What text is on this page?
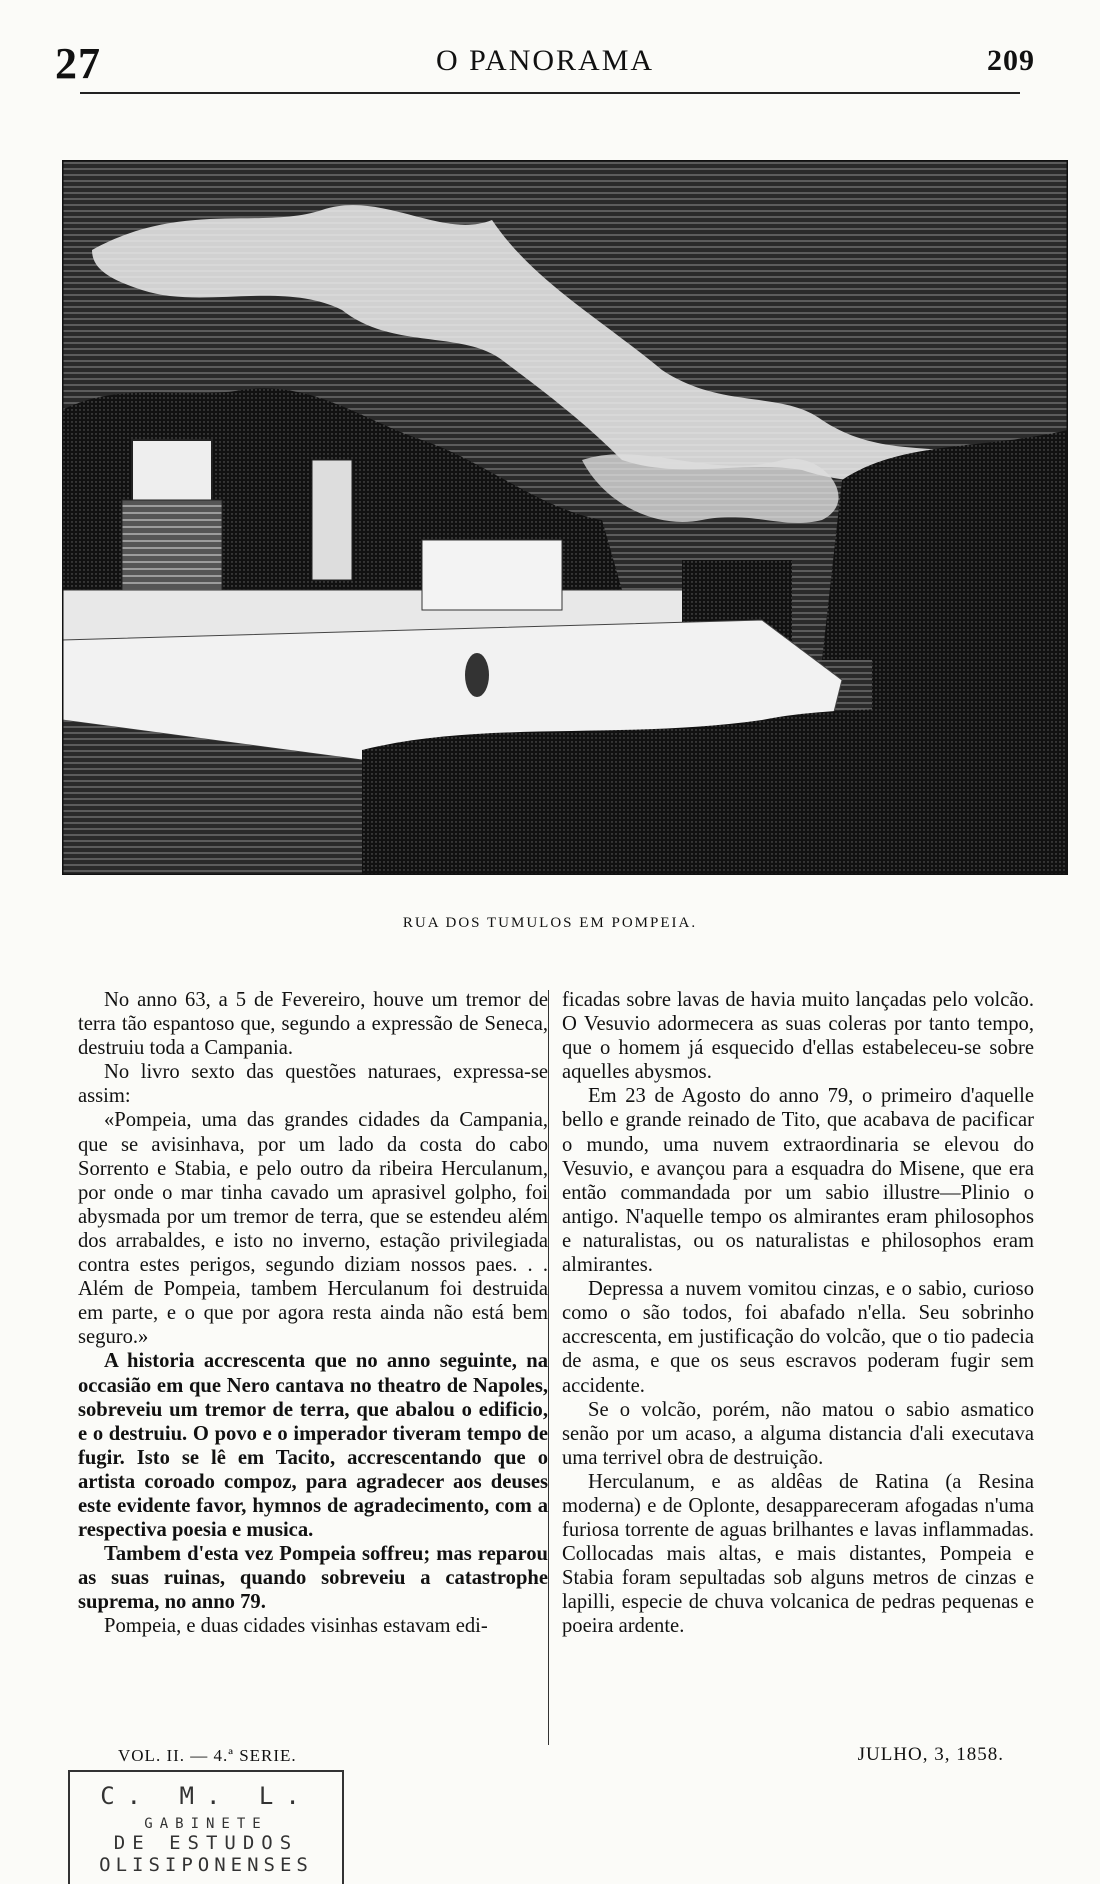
27	O PANORAMA	209
RUA DOS TUMULOS EM POMPEIA.

No anno 63, a 5 de Fevereiro, houve um tremor de terra tão espantoso que, segundo a expressão de Seneca, destruiu toda a Campania.

No livro sexto das questões naturaes, expressa-se assim:

«Pompeia, uma das grandes cidades da Campania, que se avisinhava, por um lado da costa do cabo Sorrento e Stabia, e pelo outro da ribeira Herculanum, por onde o mar tinha cavado um aprasivel golpho, foi abysmada por um tremor de terra, que se estendeu além dos arrabaldes, e isto no inverno, estação privilegiada contra estes perigos, segundo diziam nossos paes. . . Além de Pompeia, tambem Herculanum foi destruida em parte, e o que por agora resta ainda não está bem seguro.»

A historia accrescenta que no anno seguinte, na occasião em que Nero cantava no theatro de Napoles, sobreveiu um tremor de terra, que abalou o edificio, e o destruiu. O povo e o imperador tiveram tempo de fugir. Isto se lê em Tacito, accrescentando que o artista coroado compoz, para agradecer aos deuses este evidente favor, hymnos de agradecimento, com a respectiva poesia e musica.

Tambem d'esta vez Pompeia soffreu; mas reparou as suas ruinas, quando sobreveiu a catastrophe suprema, no anno 79.

Pompeia, e duas cidades visinhas estavam edi-

ficadas sobre lavas de havia muito lançadas pelo volcão. O Vesuvio adormecera as suas coleras por tanto tempo, que o homem já esquecido d'ellas estabeleceu-se sobre aquelles abysmos.

Em 23 de Agosto do anno 79, o primeiro d'aquelle bello e grande reinado de Tito, que acabava de pacificar o mundo, uma nuvem extraordinaria se elevou do Vesuvio, e avançou para a esquadra do Misene, que era então commandada por um sabio illustre—Plinio o antigo. N'aquelle tempo os almirantes eram philosophos e naturalistas, ou os naturalistas e philosophos eram almirantes.

Depressa a nuvem vomitou cinzas, e o sabio, curioso como o são todos, foi abafado n'ella. Seu sobrinho accrescenta, em justificação do volcão, que o tio padecia de asma, e que os seus escravos poderam fugir sem accidente.

Se o volcão, porém, não matou o sabio asmatico senão por um acaso, a alguma distancia d'ali executava uma terrivel obra de destruição.

Herculanum, e as aldêas de Ratina (a Resina moderna) e de Oplonte, desappareceram afogadas n'uma furiosa torrente de aguas brilhantes e lavas inflammadas. Collocadas mais altas, e mais distantes, Pompeia e Stabia foram sepultadas sob alguns metros de cinzas e lapilli, especie de chuva volcanica de pedras pequenas e poeira ardente.

VOL. II. — 4.ª SERIE.	JULHO, 3, 1858.
C. M. L.
GABINETE
DE ESTUDOS
OLISIPONENSES
